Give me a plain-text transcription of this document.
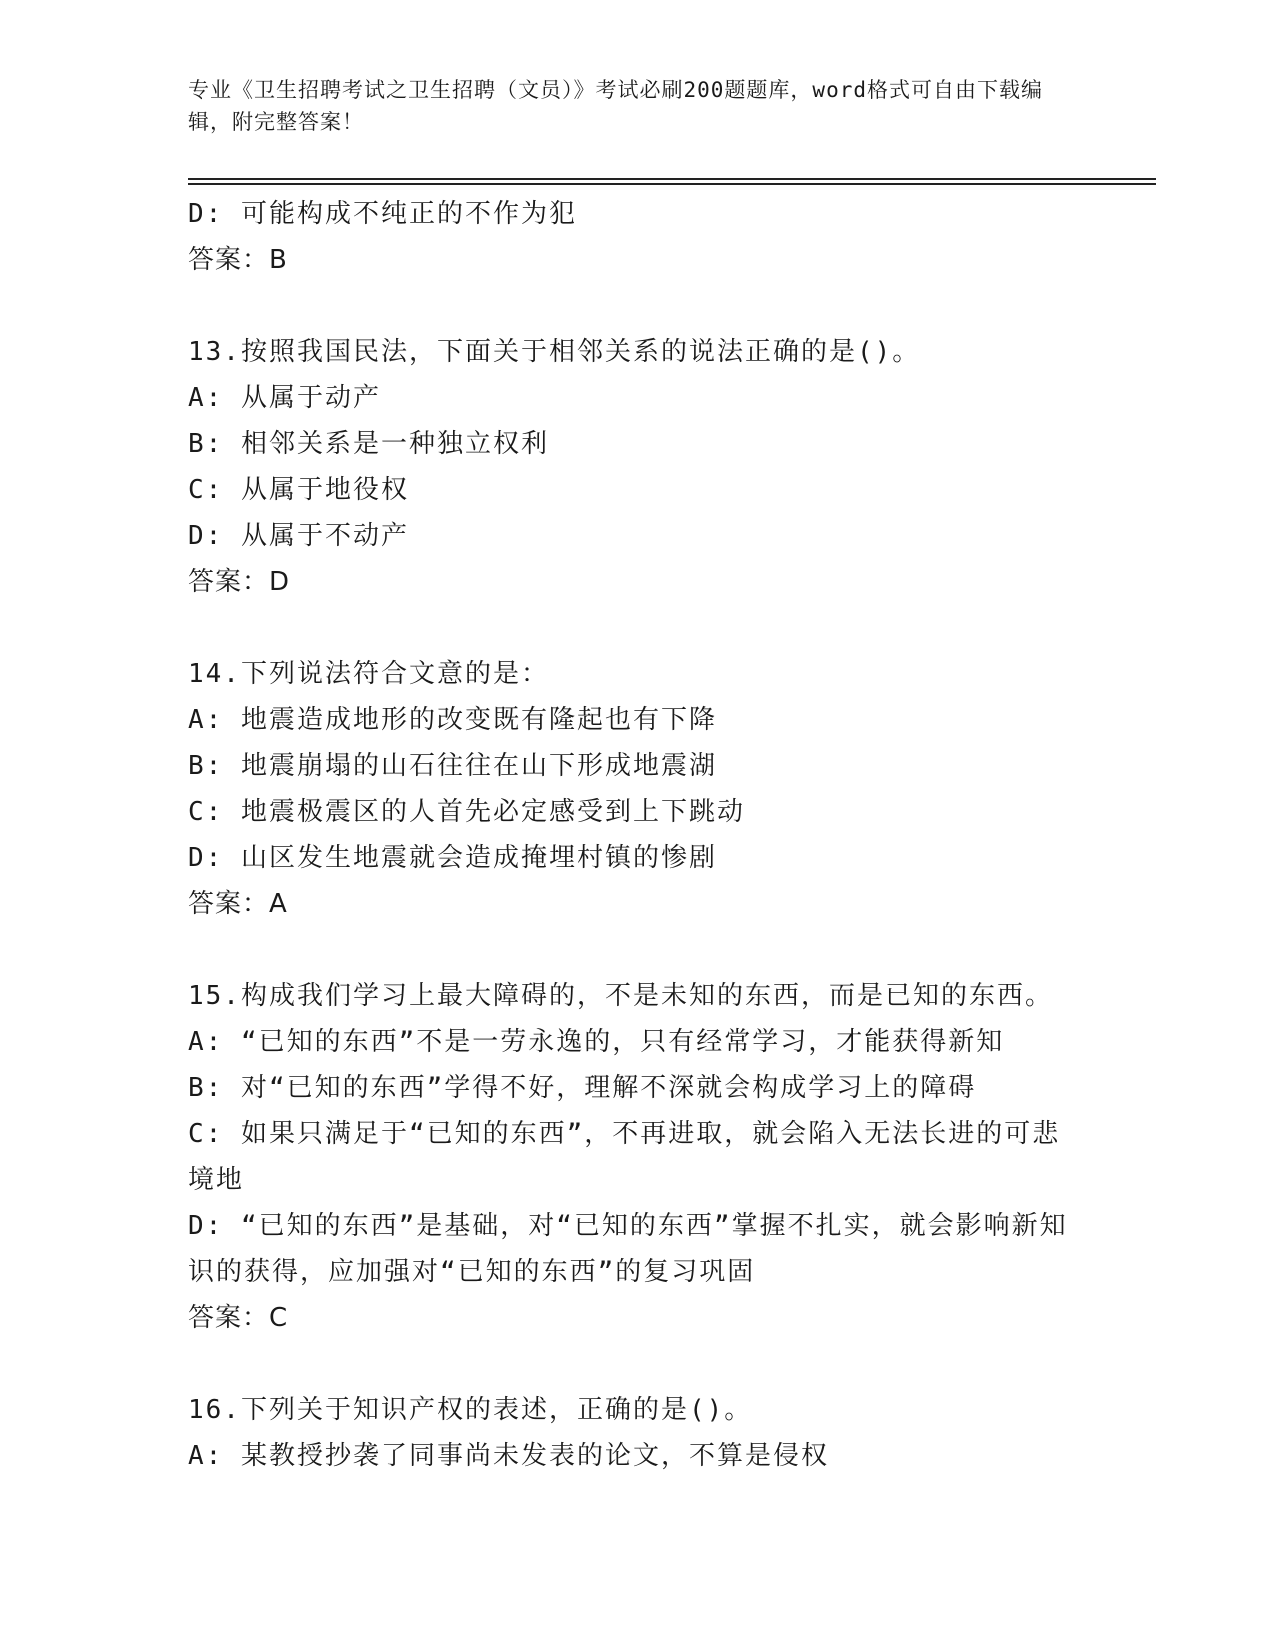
专业《卫生招聘考试之卫生招聘（文员）》考试必刷200题题库，word格式可自由下载编辑，附完整答案！
D: 可能构成不纯正的不作为犯
答案：B
13.按照我国民法，下面关于相邻关系的说法正确的是()。
A: 从属于动产
B: 相邻关系是一种独立权利
C: 从属于地役权
D: 从属于不动产
答案：D
14.下列说法符合文意的是：
A: 地震造成地形的改变既有隆起也有下降
B: 地震崩塌的山石往往在山下形成地震湖
C: 地震极震区的人首先必定感受到上下跳动
D: 山区发生地震就会造成掩埋村镇的惨剧
答案：A
15.构成我们学习上最大障碍的，不是未知的东西，而是已知的东西。
A: “已知的东西”不是一劳永逸的，只有经常学习，才能获得新知
B: 对“已知的东西”学得不好，理解不深就会构成学习上的障碍
C: 如果只满足于“已知的东西”，不再进取，就会陷入无法长进的可悲境地
D: “已知的东西”是基础，对“已知的东西”掌握不扎实，就会影响新知识的获得，应加强对“已知的东西”的复习巩固
答案：C
16.下列关于知识产权的表述，正确的是()。
A: 某教授抄袭了同事尚未发表的论文，不算是侵权
